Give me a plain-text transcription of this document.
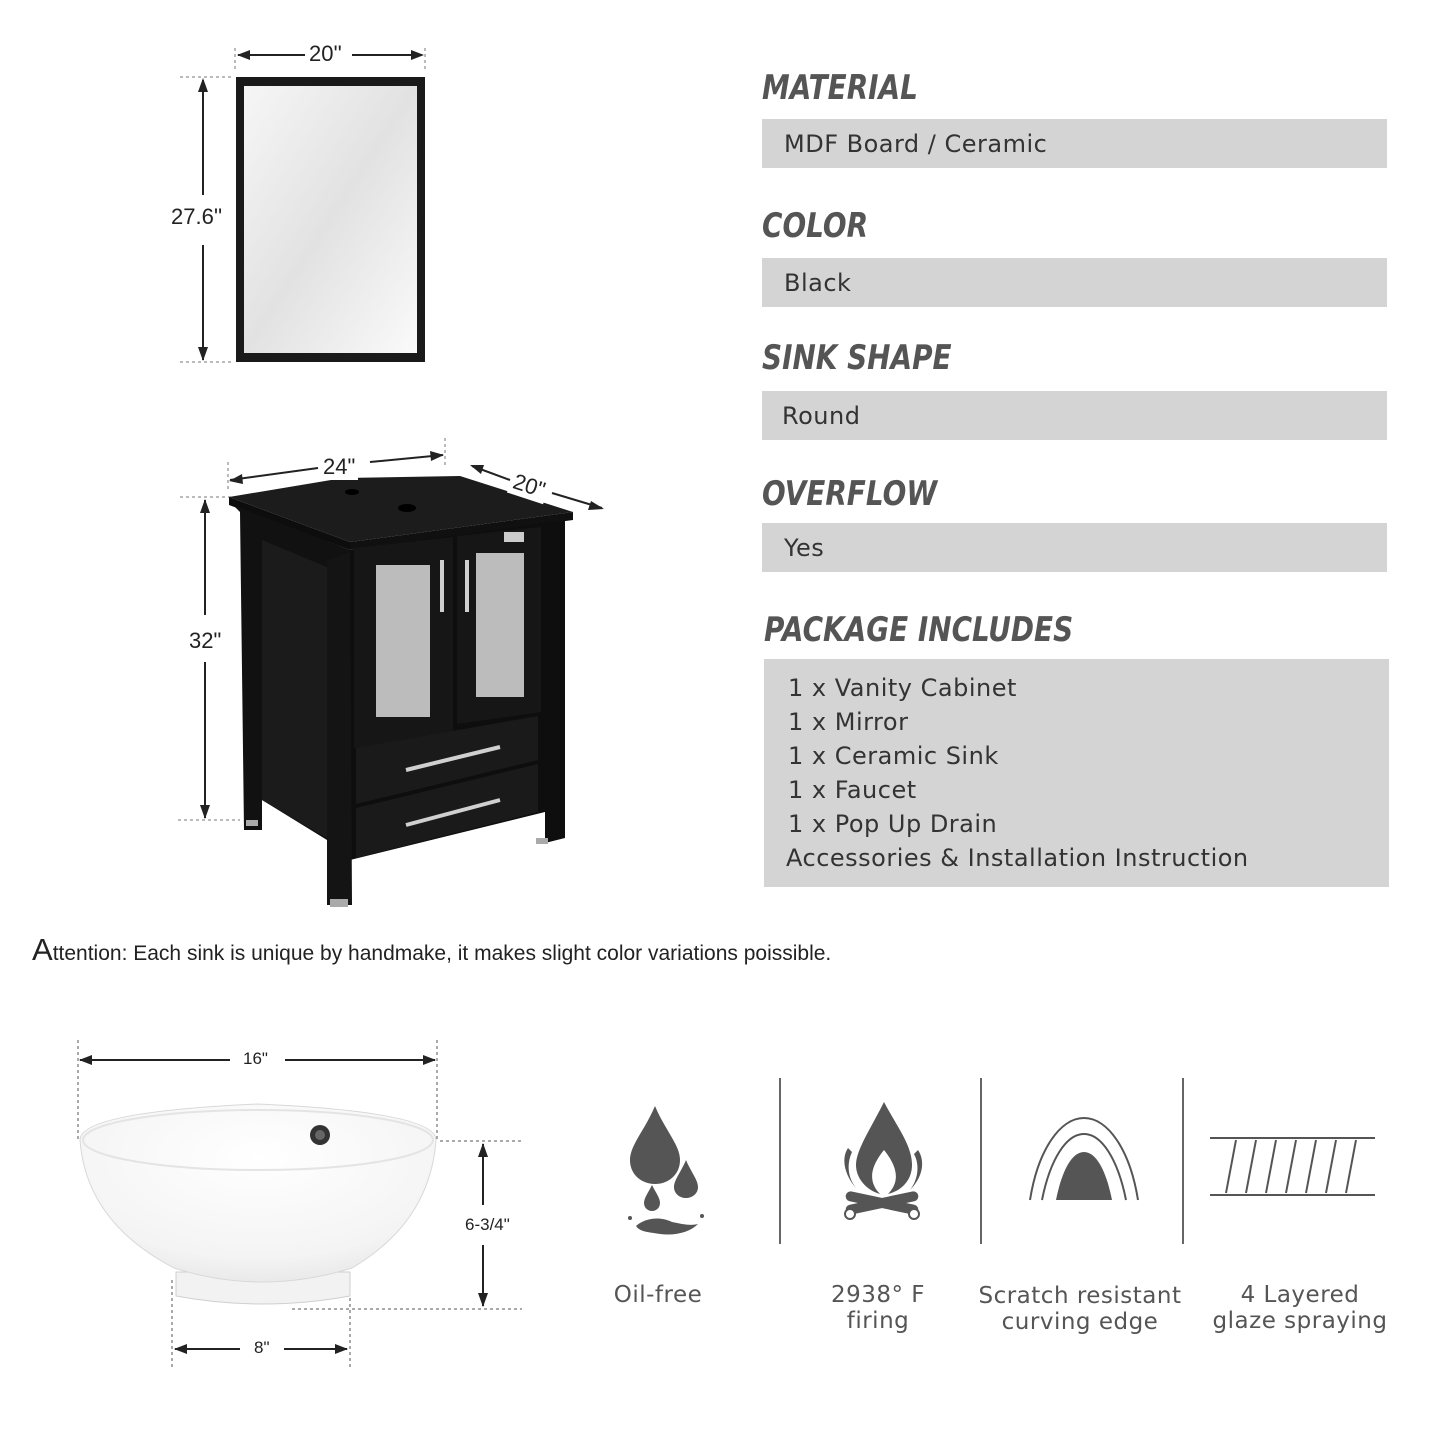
20''
27.6''
24"
20"
32"
MATERIAL
MDF Board / Ceramic
COLOR
Black
SINK SHAPE
Round
OVERFLOW
Yes
PACKAGE INCLUDES
1 x Vanity Cabinet
1 x Mirror
1 x Ceramic Sink
1 x Faucet
1 x Pop Up Drain
Accessories & Installation Instruction
Attention: Each sink is unique by handmake, it makes slight color variations poissible.
16"
6-3/4"
8"
Oil-free	2938° F
firing
Scratch resistant
curving edge
4 Layered
glaze spraying
